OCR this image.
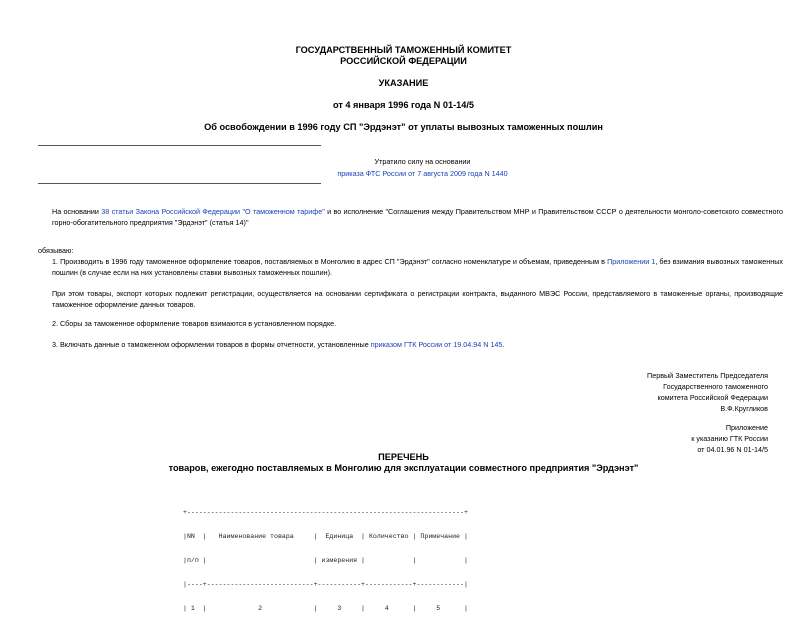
ГОСУДАРСТВЕННЫЙ ТАМОЖЕННЫЙ КОМИТЕТ
РОССИЙСКОЙ ФЕДЕРАЦИИ
УКАЗАНИЕ
от 4 января 1996 года N 01-14/5
Об освобождении в 1996 году СП "Эрдэнэт" от уплаты вывозных таможенных пошлин
Утратило силу на основании
приказа ФТС России от 7 августа 2009 года N 1440
На основании 38 статьи Закона Российской Федерации "О таможенном тарифе" и во исполнение "Соглашения между Правительством МНР и Правительством СССР о деятельности монголо-советского совместного горно-обогатительного предприятия "Эрдэнэт" (статья 14)"
обязываю:
1. Производить в 1996 году таможенное оформление товаров, поставляемых в Монголию в адрес СП "Эрдэнэт" согласно номенклатуре и объемам, приведенным в Приложении 1, без взимания вывозных таможенных пошлин (в случае если на них установлены ставки вывозных таможенных пошлин).
При этом товары, экспорт которых подлежит регистрации, осуществляется на основании сертификата о регистрации контракта, выданного МВЭС России, представляемого в таможенные органы, производящие таможенное оформление данных товаров.
2. Сборы за таможенное оформление товаров взимаются в установленном порядке.
3. Включать данные о таможенном оформлении товаров в формы отчетности, установленные приказом ГТК России от 19.04.94 N 145.
Первый Заместитель Председателя
Государственного таможенного
комитета Российской Федерации
В.Ф.Кругликов
Приложение
к указанию ГТК России
от 04.01.96 N 01-14/5
ПЕРЕЧЕНЬ
товаров, ежегодно поставляемых в Монголию для эксплуатации совместного предприятия "Эрдэнэт"

+----------------------------------------------------------------------+

|NN  |   Наименование товара     |  Единица  | Количество | Примечание |

|п/п |                           | измерения |            |            |

|----+---------------------------+-----------+------------+------------|

| 1  |             2             |     3     |     4      |     5      |
